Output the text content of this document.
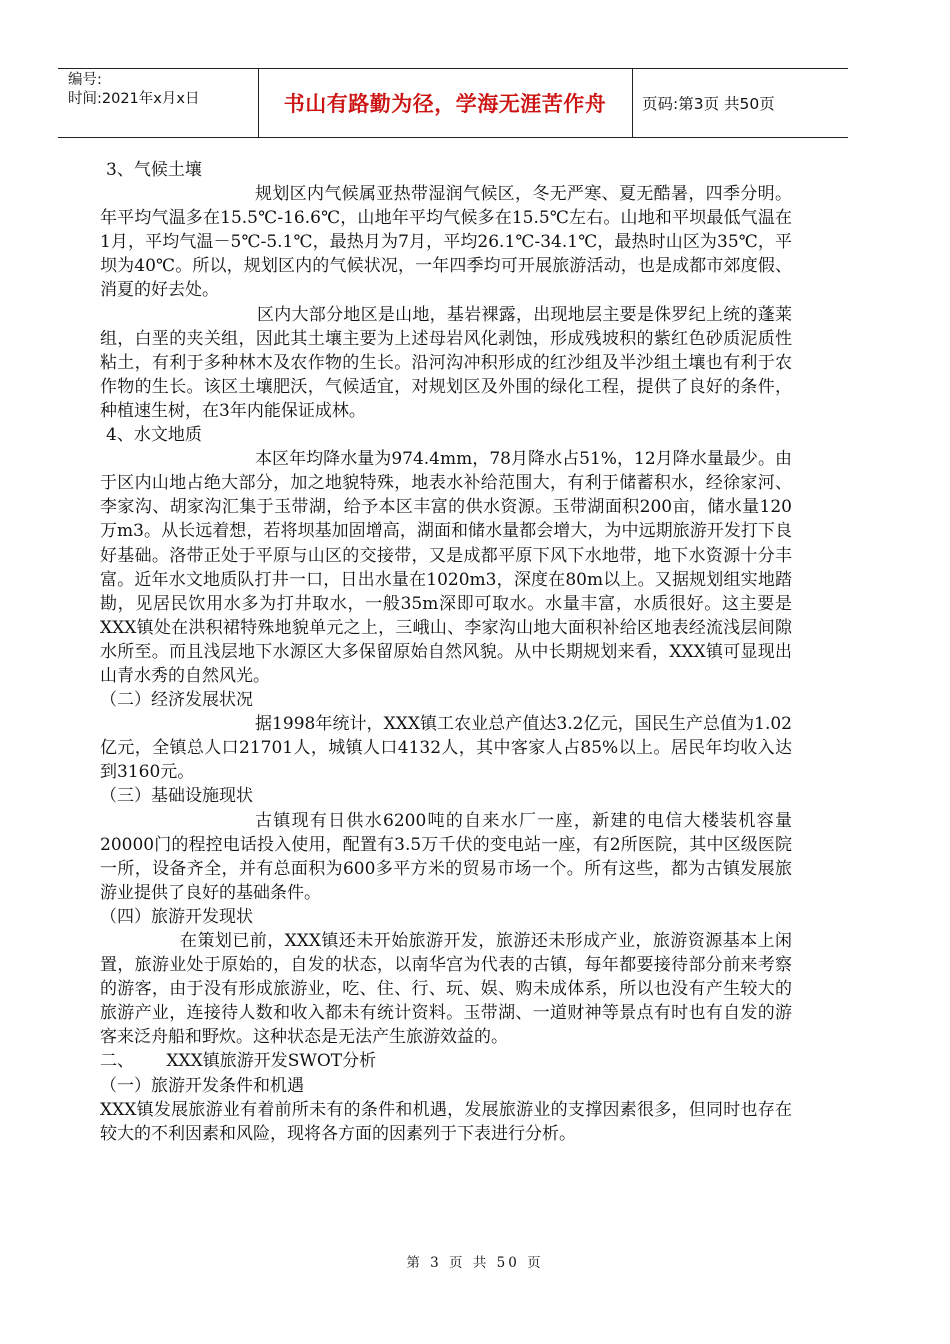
编号:
时间:2021年x月x日	书山有路勤为径，学海无涯苦作舟	页码:第3页 共50页

3、气候土壤

规划区内气候属亚热带湿润气候区，冬无严寒、夏无酷暑，四季分明。年平均气温多在15.5℃-16.6℃，山地年平均气候多在15.5℃左右。山地和平坝最低气温在1月，平均气温－5℃-5.1℃，最热月为7月，平均26.1℃-34.1℃，最热时山区为35℃，平坝为40℃。所以，规划区内的气候状况，一年四季均可开展旅游活动，也是成都市郊度假、消夏的好去处。

区内大部分地区是山地，基岩裸露，出现地层主要是侏罗纪上统的蓬莱组，白垩的夹关组，因此其土壤主要为上述母岩风化剥蚀，形成残坡积的紫红色砂质泥质性粘土，有利于多种林木及农作物的生长。沿河沟冲积形成的红沙组及半沙组土壤也有利于农作物的生长。该区土壤肥沃，气候适宜，对规划区及外围的绿化工程，提供了良好的条件，种植速生树，在3年内能保证成林。

4、水文地质

本区年均降水量为974.4mm，78月降水占51%，12月降水量最少。由于区内山地占绝大部分，加之地貌特殊，地表水补给范围大，有利于储蓄积水，经徐家河、李家沟、胡家沟汇集于玉带湖，给予本区丰富的供水资源。玉带湖面积200亩，储水量120万m3。从长远着想，若将坝基加固增高，湖面和储水量都会增大，为中远期旅游开发打下良好基础。洛带正处于平原与山区的交接带，又是成都平原下风下水地带，地下水资源十分丰富。近年水文地质队打井一口，日出水量在1020m3，深度在80m以上。又据规划组实地踏勘，见居民饮用水多为打井取水，一般35m深即可取水。水量丰富，水质很好。这主要是XXX镇处在洪积裙特殊地貌单元之上，三峨山、李家沟山地大面积补给区地表经流浅层间隙水所至。而且浅层地下水源区大多保留原始自然风貌。从中长期规划来看，XXX镇可显现出山青水秀的自然风光。

（二）经济发展状况

据1998年统计，XXX镇工农业总产值达3.2亿元，国民生产总值为1.02亿元，全镇总人口21701人，城镇人口4132人，其中客家人占85%以上。居民年均收入达到3160元。

（三）基础设施现状

古镇现有日供水6200吨的自来水厂一座，新建的电信大楼装机容量20000门的程控电话投入使用，配置有3.5万千伏的变电站一座，有2所医院，其中区级医院一所，设备齐全，并有总面积为600多平方米的贸易市场一个。所有这些，都为古镇发展旅游业提供了良好的基础条件。

（四）旅游开发现状

在策划已前，XXX镇还未开始旅游开发，旅游还未形成产业，旅游资源基本上闲置，旅游业处于原始的，自发的状态，以南华宫为代表的古镇，每年都要接待部分前来考察的游客，由于没有形成旅游业，吃、住、行、玩、娱、购未成体系，所以也没有产生较大的旅游产业，连接待人数和收入都未有统计资料。玉带湖、一道财神等景点有时也有自发的游客来泛舟船和野炊。这种状态是无法产生旅游效益的。

二、      XXX镇旅游开发SWOT分析

（一）旅游开发条件和机遇

XXX镇发展旅游业有着前所未有的条件和机遇，发展旅游业的支撑因素很多，但同时也存在较大的不利因素和风险，现将各方面的因素列于下表进行分析。

第 3 页 共 50 页
